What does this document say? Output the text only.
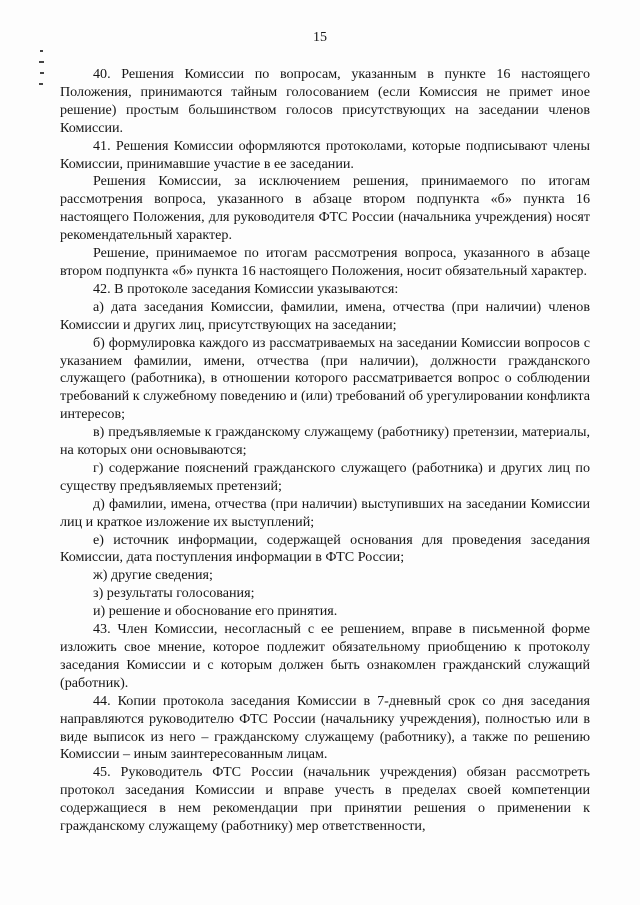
15

40. Решения Комиссии по вопросам, указанным в пункте 16 настоящего Положения, принимаются тайным голосованием (если Комиссия не примет иное решение) простым большинством голосов присутствующих на заседании членов Комиссии.

41. Решения Комиссии оформляются протоколами, которые подписывают члены Комиссии, принимавшие участие в ее заседании.

Решения Комиссии, за исключением решения, принимаемого по итогам рассмотрения вопроса, указанного в абзаце втором подпункта «б» пункта 16 настоящего Положения, для руководителя ФТС России (начальника учреждения) носят рекомендательный характер.

Решение, принимаемое по итогам рассмотрения вопроса, указанного в абзаце втором подпункта «б» пункта 16 настоящего Положения, носит обязательный характер.

42. В протоколе заседания Комиссии указываются:

а) дата заседания Комиссии, фамилии, имена, отчества (при наличии) членов Комиссии и других лиц, присутствующих на заседании;

б) формулировка каждого из рассматриваемых на заседании Комиссии вопросов с указанием фамилии, имени, отчества (при наличии), должности гражданского служащего (работника), в отношении которого рассматривается вопрос о соблюдении требований к служебному поведению и (или) требований об урегулировании конфликта интересов;

в) предъявляемые к гражданскому служащему (работнику) претензии, материалы, на которых они основываются;

г) содержание пояснений гражданского служащего (работника) и других лиц по существу предъявляемых претензий;

д) фамилии, имена, отчества (при наличии) выступивших на заседании Комиссии лиц и краткое изложение их выступлений;

е) источник информации, содержащей основания для проведения заседания Комиссии, дата поступления информации в ФТС России;

ж) другие сведения;

з) результаты голосования;

и) решение и обоснование его принятия.

43. Член Комиссии, несогласный с ее решением, вправе в письменной форме изложить свое мнение, которое подлежит обязательному приобщению к протоколу заседания Комиссии и с которым должен быть ознакомлен гражданский служащий (работник).

44. Копии протокола заседания Комиссии в 7-дневный срок со дня заседания направляются руководителю ФТС России (начальнику учреждения), полностью или в виде выписок из него – гражданскому служащему (работнику), а также по решению Комиссии – иным заинтересованным лицам.

45. Руководитель ФТС России (начальник учреждения) обязан рассмотреть протокол заседания Комиссии и вправе учесть в пределах своей компетенции содержащиеся в нем рекомендации при принятии решения о применении к гражданскому служащему (работнику) мер ответственности,
